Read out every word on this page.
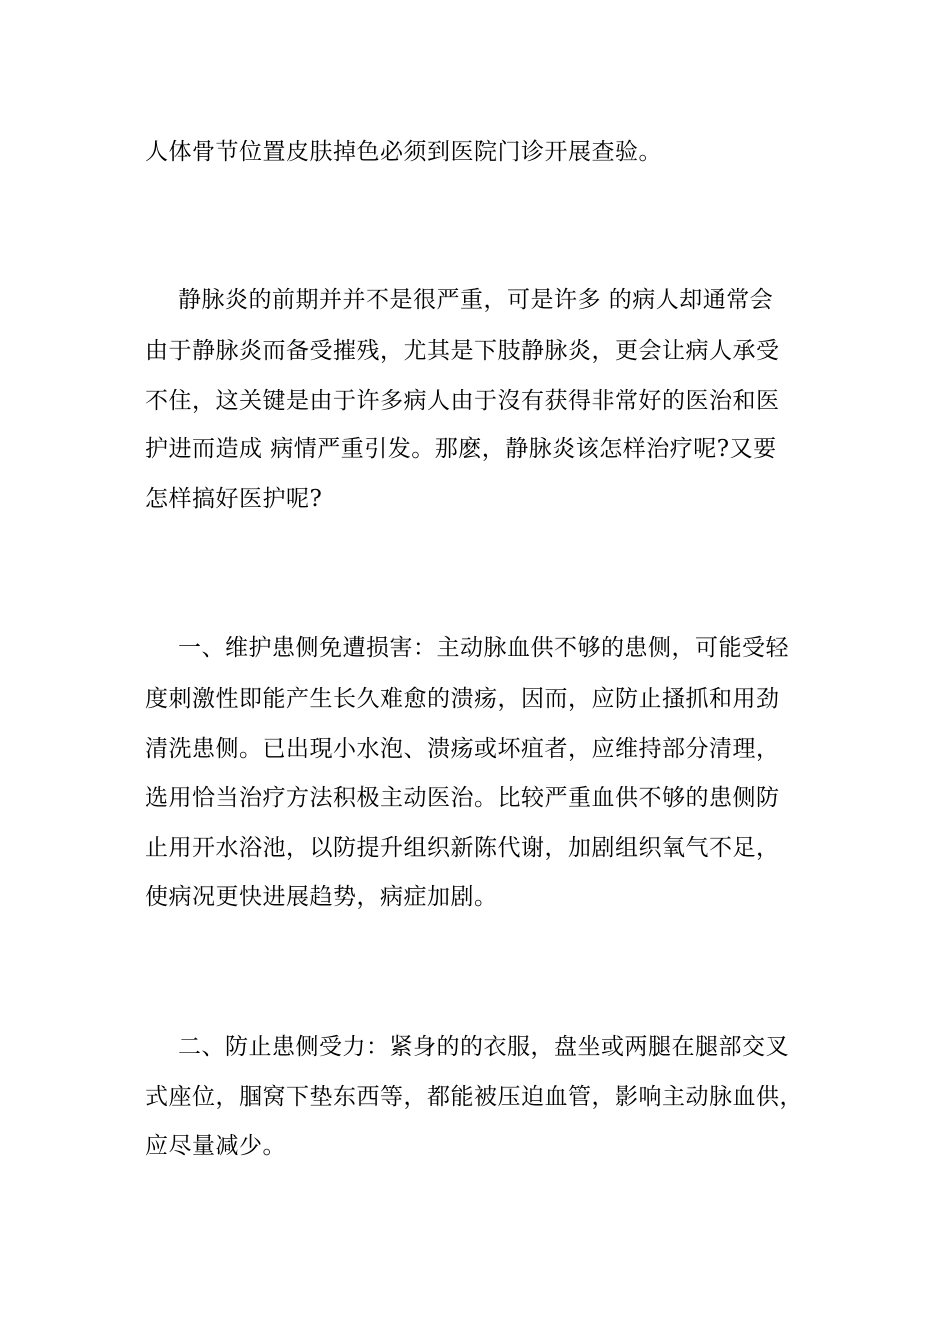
人体骨节位置皮肤掉色必须到医院门诊开展查验。
静脉炎的前期并并不是很严重，可是许多 的病人却通常会
由于静脉炎而备受摧残，尤其是下肢静脉炎，更会让病人承受
不住，这关键是由于许多病人由于沒有获得非常好的医治和医
护进而造成 病情严重引发。那麽，静脉炎该怎样治疗呢?又要
怎样搞好医护呢?
一、维护患侧免遭损害：主动脉血供不够的患侧，可能受轻
度刺激性即能产生长久难愈的溃疡，因而，应防止搔抓和用劲
清洗患侧。已出現小水泡、溃疡或坏疽者，应维持部分清理，
选用恰当治疗方法积极主动医治。比较严重血供不够的患侧防
止用开水浴池，以防提升组织新陈代谢，加剧组织氧气不足，
使病况更快进展趋势，病症加剧。
二、防止患侧受力：紧身的的衣服，盘坐或两腿在腿部交叉
式座位，腘窝下垫东西等，都能被压迫血管，影响主动脉血供，
应尽量减少。
